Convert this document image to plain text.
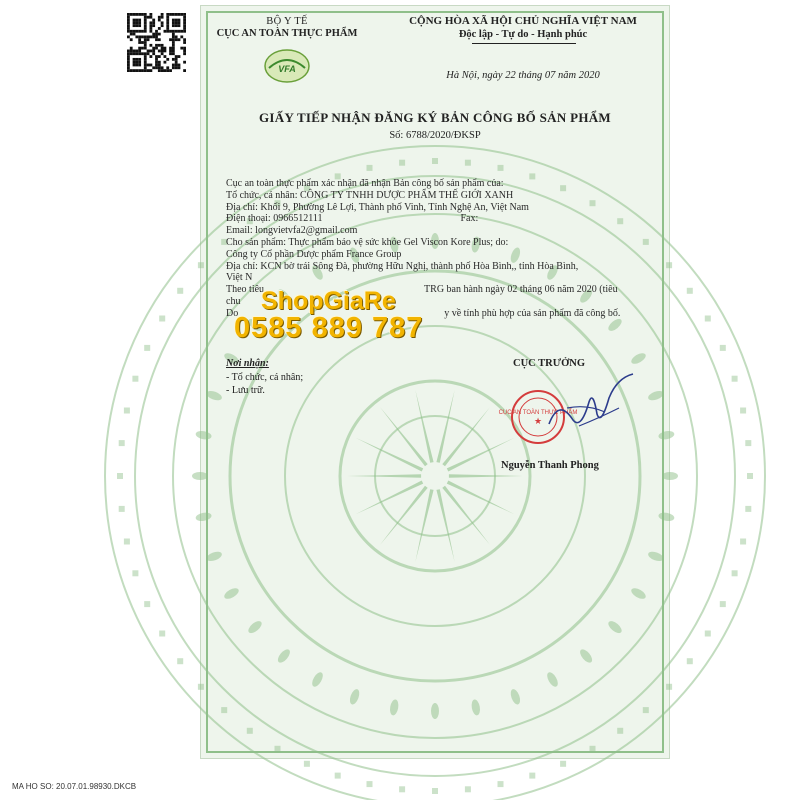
BỘ Y TẾ
CỤC AN TOÀN THỰC PHẨM
VFA
CỘNG HÒA XÃ HỘI CHỦ NGHĨA VIỆT NAM
Độc lập - Tự do - Hạnh phúc
Hà Nội, ngày 22 tháng 07 năm 2020
GIẤY TIẾP NHẬN ĐĂNG KÝ BẢN CÔNG BỐ SẢN PHẨM
Số: 6788/2020/ĐKSP
Cục an toàn thực phẩm xác nhận đã nhận Bản công bố sản phẩm của:
Tổ chức, cá nhân: CÔNG TY TNHH DƯỢC PHẨM THẾ GIỚI XANH
Địa chỉ: Khối 9, Phường Lê Lợi, Thành phố Vinh, Tỉnh Nghệ An, Việt Nam
Điện thoại: 0966512111	Fax:
Email: longvietvfa2@gmail.com
Cho sản phẩm: Thực phẩm bảo vệ sức khỏe Gel Viscon Kore Plus; do:
Công ty Cổ phần Dược phẩm France Group
Địa chỉ: KCN bờ trái Sông Đà, phường Hữu Nghị, thành phố Hòa Bình,, tỉnh Hòa Bình,
Việt N
Theo tiêu	TRG ban hành ngày 02 tháng 06 năm 2020 (tiêu
chu
Do	y về tính phù hợp của sản phẩm đã công bố.
Nơi nhận:
- Tổ chức, cá nhân;
- Lưu trữ.
CỤC TRƯỞNG
CỤC AN TOÀN THỰC PHẨM
★
Nguyễn Thanh Phong
ShopGiaRe
0585 889 787
MA HO SO: 20.07.01.98930.DKCB
